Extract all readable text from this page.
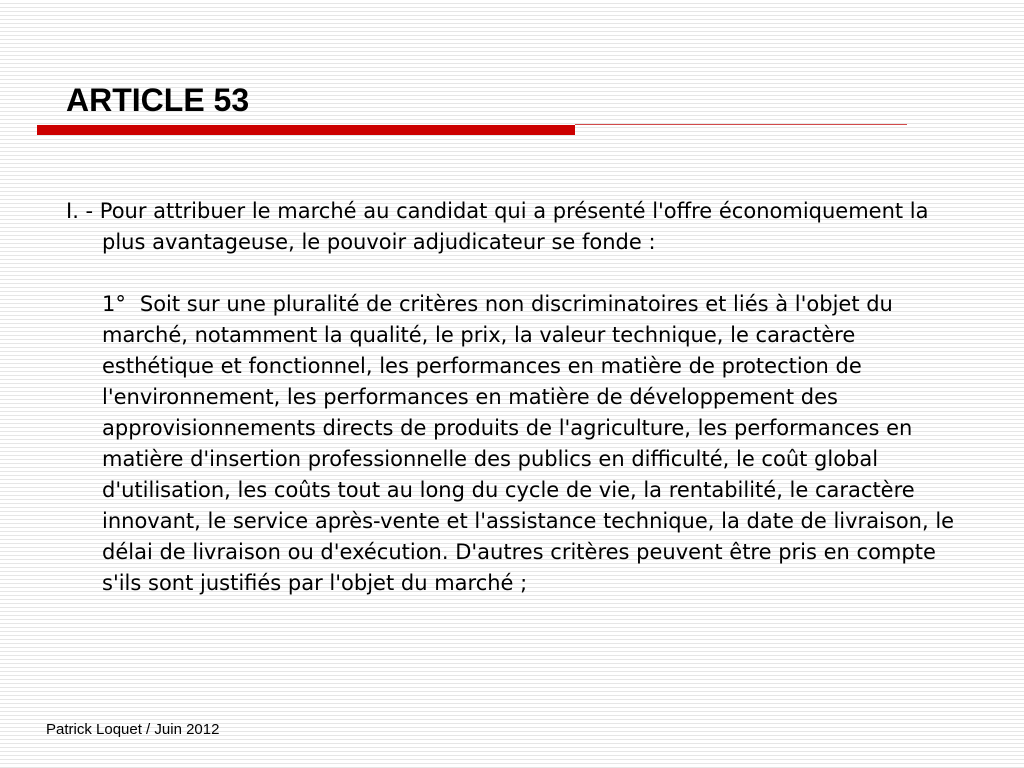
ARTICLE 53

I. - Pour attribuer le marché au candidat qui a présenté l'offre économiquement la plus avantageuse, le pouvoir adjudicateur se fonde :

1° Soit sur une pluralité de critères non discriminatoires et liés à l'objet du marché, notamment la qualité, le prix, la valeur technique, le caractère esthétique et fonctionnel, les performances en matière de protection de l'environnement, les performances en matière de développement des approvisionnements directs de produits de l'agriculture, les performances en matière d'insertion professionnelle des publics en difficulté, le coût global d'utilisation, les coûts tout au long du cycle de vie, la rentabilité, le caractère innovant, le service après-vente et l'assistance technique, la date de livraison, le délai de livraison ou d'exécution. D'autres critères peuvent être pris en compte s'ils sont justifiés par l'objet du marché ;

Patrick Loquet / Juin 2012
